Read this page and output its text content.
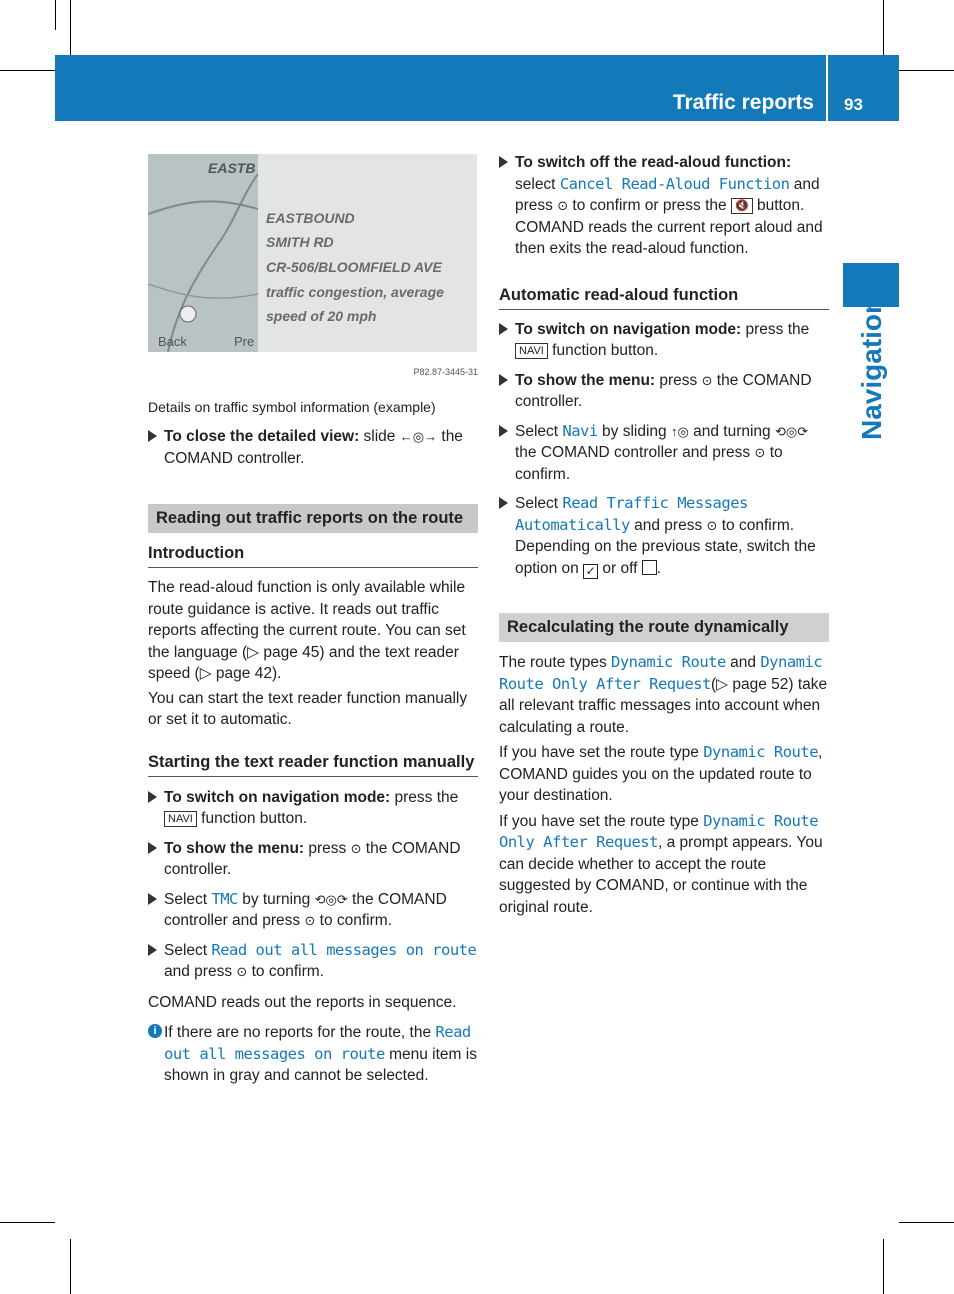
Traffic reports 93
Navigation
Back
EASTB
Pre
EASTBOUND
SMITH RD
CR-506/BLOOMFIELD AVE
traffic congestion, average
speed of 20 mph
P82.87-3445-31

Details on traffic symbol information (example)

To close the detailed view: slide ←◎→ the COMAND controller.
Reading out traffic reports on the route
Introduction

The read-aloud function is only available while route guidance is active. It reads out traffic reports affecting the current route. You can set the language (▷ page 45) and the text reader speed (▷ page 42).

You can start the text reader function manually or set it to automatic.

Starting the text reader function manually
To switch on navigation mode: press the NAVI function button.
To show the menu: press ⊙ the COMAND controller.
Select TMC by turning ⟲◎⟳ the COMAND controller and press ⊙ to confirm.
Select Read out all messages on route and press ⊙ to confirm.

COMAND reads out the reports in sequence.

i If there are no reports for the route, the Read out all messages on route menu item is shown in gray and cannot be selected.
To switch off the read-aloud function:
select Cancel Read-Aloud Function and press ⊙ to confirm or press the 🔇 button.
COMAND reads the current report aloud and then exits the read-aloud function.
Automatic read-aloud function
To switch on navigation mode: press the NAVI function button.
To show the menu: press ⊙ the COMAND controller.
Select Navi by sliding ↑◎ and turning ⟲◎⟳ the COMAND controller and press ⊙ to confirm.
Select Read Traffic Messages Automatically and press ⊙ to confirm. Depending on the previous state, switch the option on ✓ or off .
Recalculating the route dynamically

The route types Dynamic Route and Dynamic Route Only After Request(▷ page 52) take all relevant traffic messages into account when calculating a route.

If you have set the route type Dynamic Route, COMAND guides you on the updated route to your destination.

If you have set the route type Dynamic Route Only After Request, a prompt appears. You can decide whether to accept the route suggested by COMAND, or continue with the original route.
